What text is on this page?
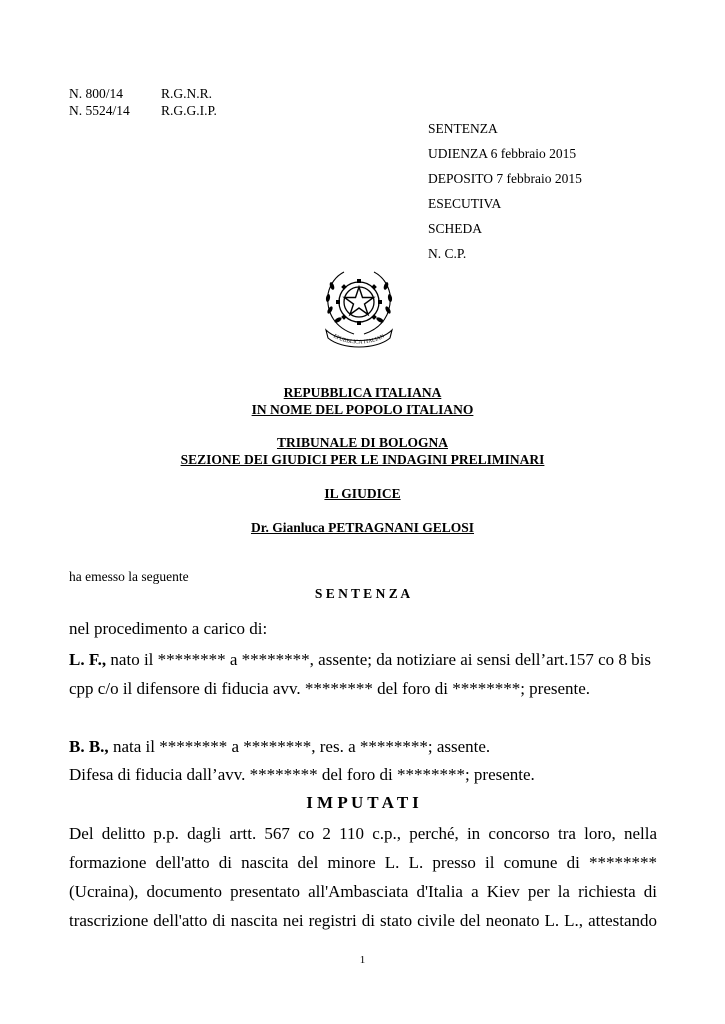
N. 800/14	R.G.N.R.
N. 5524/14 R.G.G.I.P.
SENTENZA
UDIENZA 6 febbraio 2015
DEPOSITO 7 febbraio 2015
ESECUTIVA
SCHEDA
N. C.P.
EPUBBLICA ITALIAN
REPUBBLICA ITALIANA
IN NOME DEL POPOLO ITALIANO
TRIBUNALE DI BOLOGNA
SEZIONE DEI GIUDICI PER LE INDAGINI PRELIMINARI
IL GIUDICE
Dr. Gianluca PETRAGNANI GELOSI
ha emesso la seguente
S E N T E N Z A
nel procedimento a carico di:
L. F., nato il ******** a ********, assente; da notiziare ai sensi dell’art.157 co 8 bis
cpp c/o il difensore di fiducia avv. ******** del foro di ********; presente.
B. B., nata il ******** a ********, res. a ********; assente.
Difesa di fiducia dall’avv. ******** del foro di ********; presente.
I M P U T A T I
Del delitto p.p. dagli artt. 567 co 2 110 c.p., perché, in concorso tra loro, nella
formazione dell'atto di nascita del minore L. L. presso il comune di ********
(Ucraina), documento presentato all'Ambasciata d'Italia a Kiev per la richiesta di
trascrizione dell'atto di nascita nei registri di stato civile del neonato L. L., attestando
1
